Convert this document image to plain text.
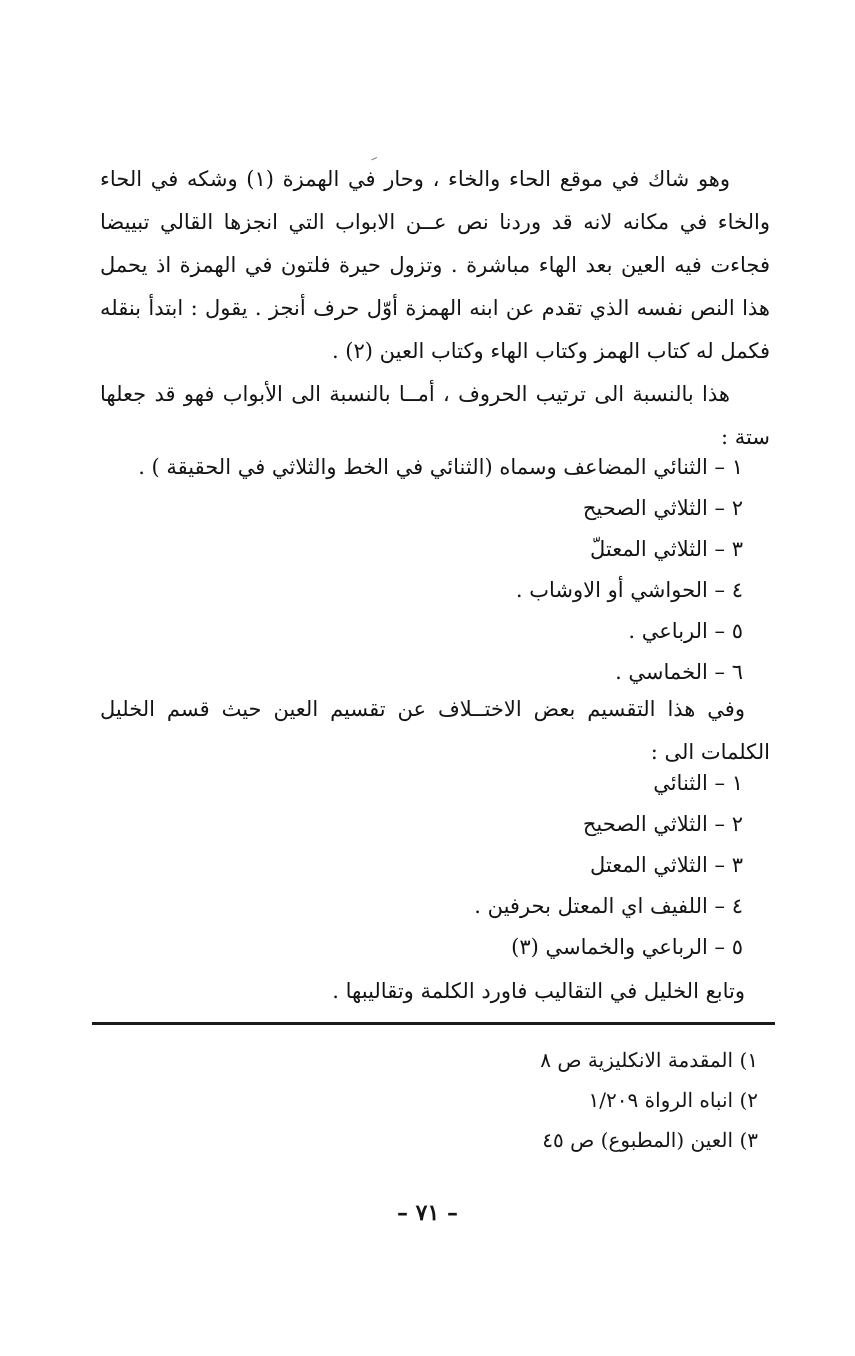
وهو شاك في موقع الحاء والخاء ، وحار في الهمزة (١) وشكه في الحاء والخاء في مكانه لانه قد وردنا نص عــن الابواب التي انجزها القالي تبييضا فجاءت فيه العين بعد الهاء مباشرة . وتزول حيرة فلتون في الهمزة اذ يحمل هذا النص نفسه الذي تقدم عن ابنه الهمزة أوّل حرف أنجز . يقول : ابتدأ بنقله فكمل له كتاب الهمز وكتاب الهاء وكتاب العين (٢) .
هذا بالنسبة الى ترتيب الحروف ، أمــا بالنسبة الى الأبواب فهو قد جعلها ستة :
١ – الثنائي المضاعف وسماه (الثنائي في الخط والثلاثي في الحقيقة ) .
٢ – الثلاثي الصحيح
٣ – الثلاثي المعتلّ
٤ – الحواشي أو الاوشاب .
٥ – الرباعي .
٦ – الخماسي .
وفي هذا التقسيم بعض الاختــلاف عن تقسيم العين حيث قسم الخليل الكلمات الى :
١ – الثنائي
٢ – الثلاثي الصحيح
٣ – الثلاثي المعتل
٤ – اللفيف اي المعتل بحرفين .
٥ – الرباعي والخماسي (٣)
وتابع الخليل في التقاليب فاورد الكلمة وتقاليبها .
١) المقدمة الانكليزية ص ٨
٢) انباه الرواة ١/٢٠٩
٣) العين (المطبوع) ص ٤٥
– ٧١ –
